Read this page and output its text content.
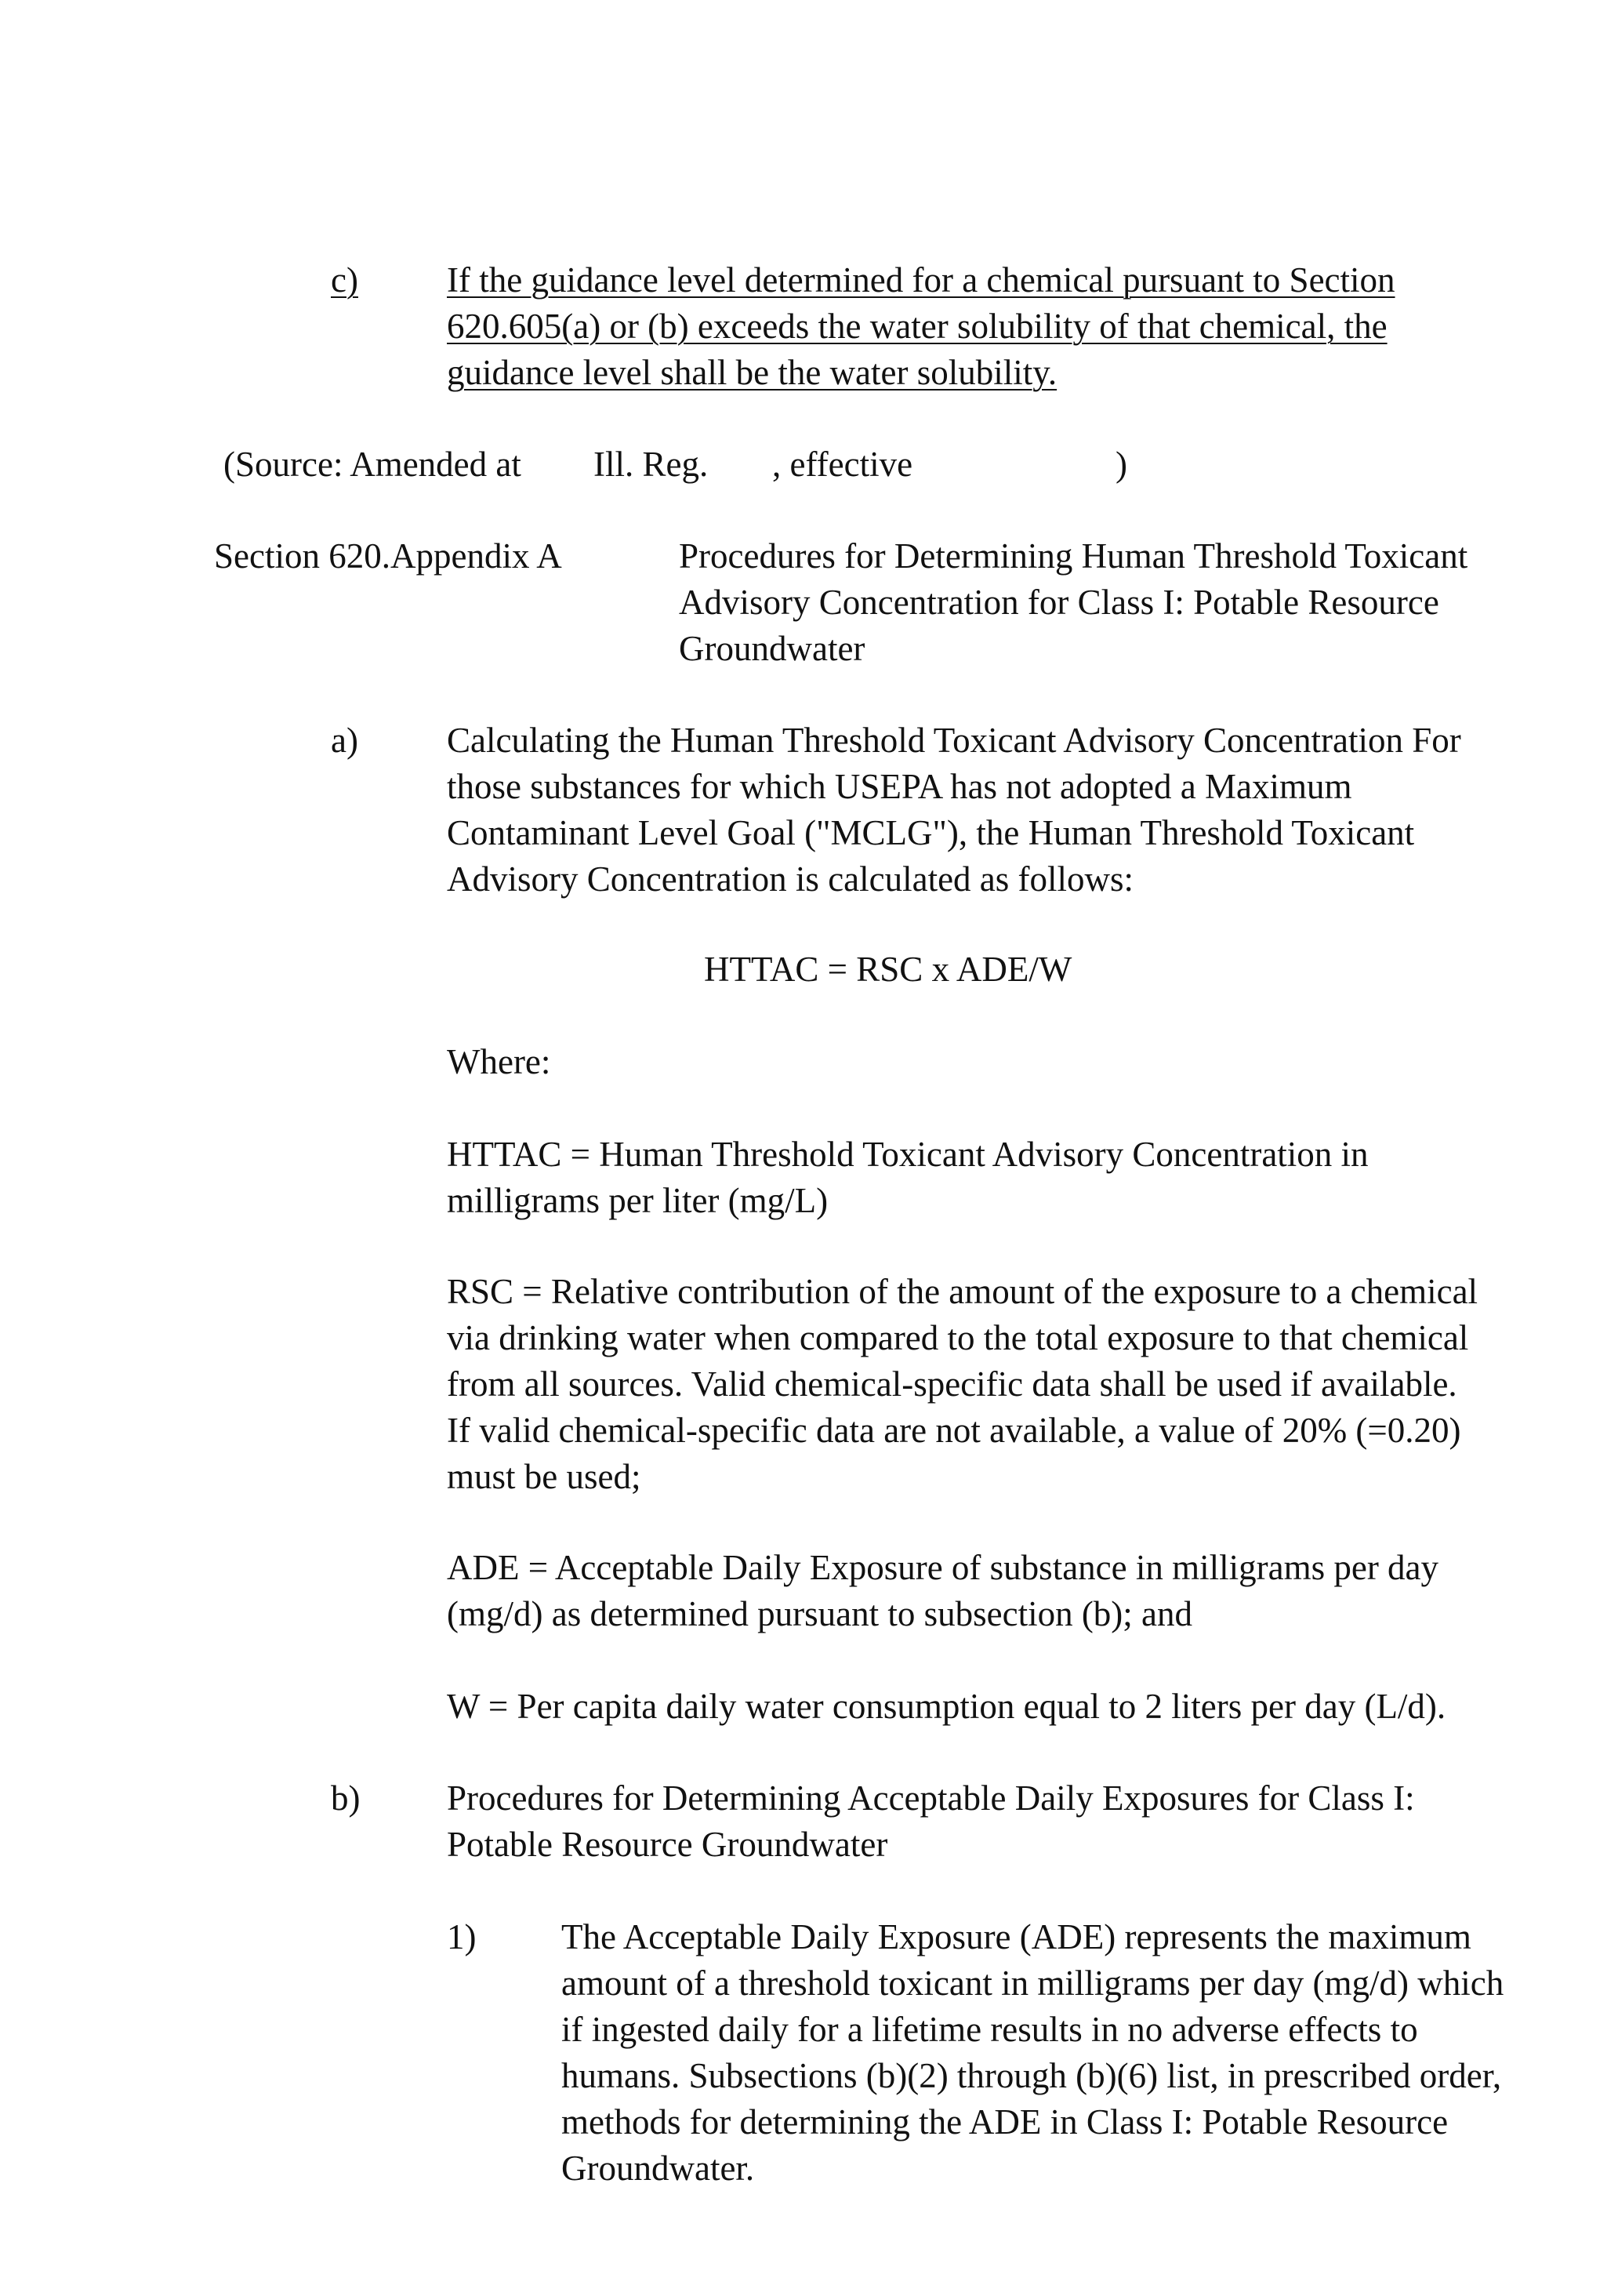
c)	If the guidance level determined for a chemical pursuant to Section
620.605(a) or (b) exceeds the water solubility of that chemical, the
guidance level shall be the water solubility.

(Source: Amended at Ill. Reg. , effective	)

Section 620.Appendix A	Procedures for Determining Human Threshold Toxicant
Advisory Concentration for Class I: Potable Resource
Groundwater

a)	Calculating the Human Threshold Toxicant Advisory Concentration For
those substances for which USEPA has not adopted a Maximum
Contaminant Level Goal ("MCLG"), the Human Threshold Toxicant
Advisory Concentration is calculated as follows:

HTTAC = RSC x ADE/W

Where:

HTTAC = Human Threshold Toxicant Advisory Concentration in
milligrams per liter (mg/L)
RSC = Relative contribution of the amount of the exposure to a chemical
via drinking water when compared to the total exposure to that chemical
from all sources. Valid chemical-specific data shall be used if available.
If valid chemical-specific data are not available, a value of 20% (=0.20)
must be used;
ADE = Acceptable Daily Exposure of substance in milligrams per day
(mg/d) as determined pursuant to subsection (b); and

W = Per capita daily water consumption equal to 2 liters per day (L/d).

b) Procedures for Determining Acceptable Daily Exposures for Class I:
Potable Resource Groundwater

1) The Acceptable Daily Exposure (ADE) represents the maximum
amount of a threshold toxicant in milligrams per day (mg/d) which
if ingested daily for a lifetime results in no adverse effects to
humans. Subsections (b)(2) through (b)(6) list, in prescribed order,
methods for determining the ADE in Class I: Potable Resource
Groundwater.
